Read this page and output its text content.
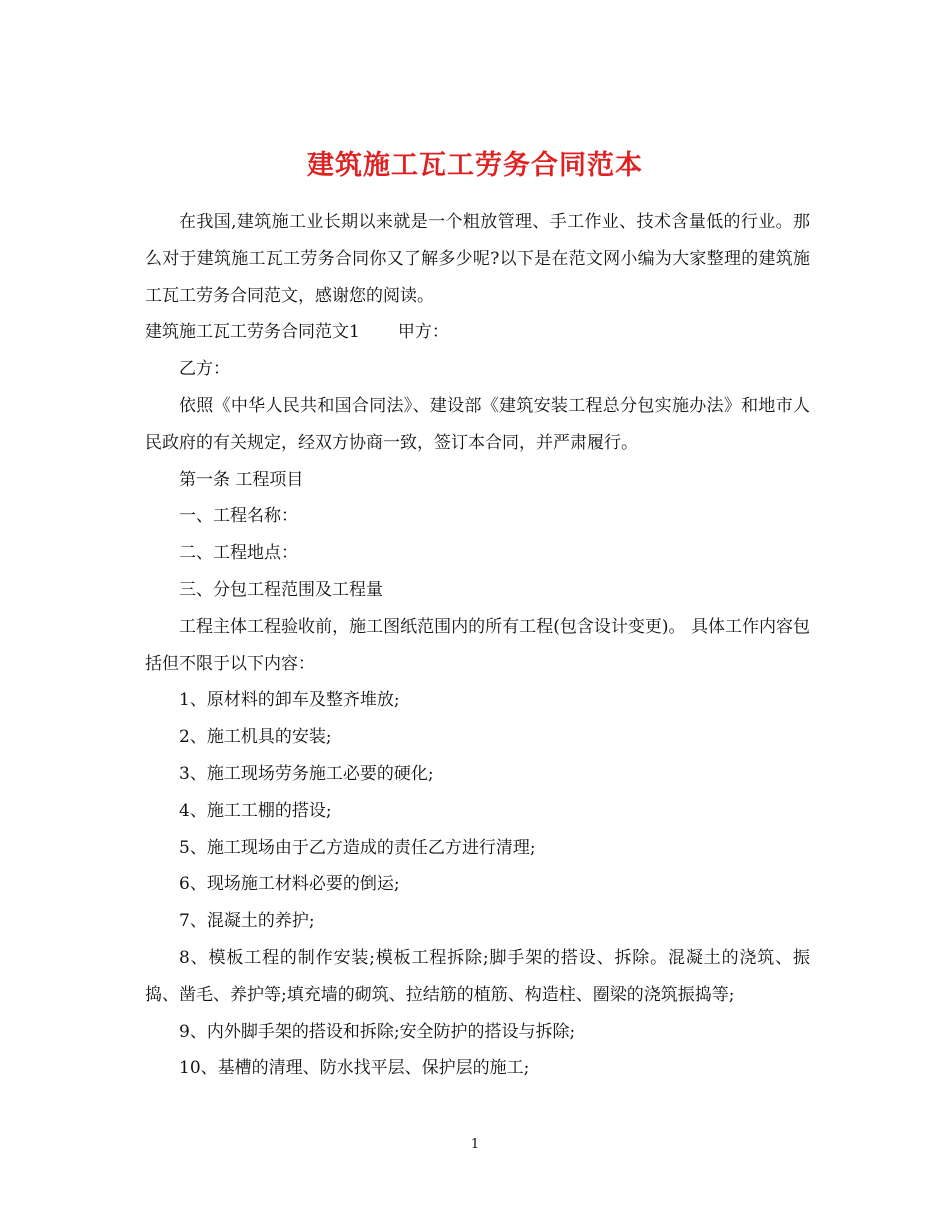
建筑施工瓦工劳务合同范本

在我国,建筑施工业长期以来就是一个粗放管理、手工作业、技术含量低的行业。那么对于建筑施工瓦工劳务合同你又了解多少呢?以下是在范文网小编为大家整理的建筑施工瓦工劳务合同范文，感谢您的阅读。

建筑施工瓦工劳务合同范文1 甲方：

乙方：

依照《中华人民共和国合同法》、建设部《建筑安装工程总分包实施办法》和地市人民政府的有关规定，经双方协商一致，签订本合同，并严肃履行。

第一条 工程项目

一、工程名称：

二、工程地点：

三、分包工程范围及工程量

工程主体工程验收前，施工图纸范围内的所有工程(包含设计变更)。 具体工作内容包括但不限于以下内容：

1、原材料的卸车及整齐堆放;

2、施工机具的安装;

3、施工现场劳务施工必要的硬化;

4、施工工棚的搭设;

5、施工现场由于乙方造成的责任乙方进行清理;

6、现场施工材料必要的倒运;

7、混凝土的养护;

8、模板工程的制作安装;模板工程拆除;脚手架的搭设、拆除。混凝土的浇筑、振捣、凿毛、养护等;填充墙的砌筑、拉结筋的植筋、构造柱、圈梁的浇筑振捣等;

9、内外脚手架的搭设和拆除;安全防护的搭设与拆除;

10、基槽的清理、防水找平层、保护层的施工;

1
